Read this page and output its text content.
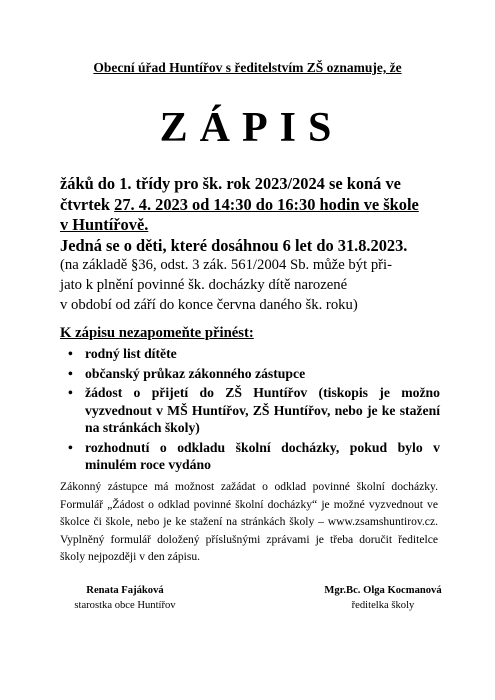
Obecní úřad Huntířov s ředitelstvím ZŠ oznamuje, že
ZÁPIS
žáků do 1. třídy pro šk. rok 2023/2024 se koná ve
čtvrtek 27. 4. 2023 od 14:30 do 16:30 hodin ve škole
v Huntířově.
Jedná se o děti, které dosáhnou 6 let do 31.8.2023.
(na základě §36, odst. 3 zák. 561/2004 Sb. může být při-
jato k plnění povinné šk. docházky dítě narozené
v období od září do konce června daného šk. roku)
K zápisu nezapomeňte přinést:
• rodný list dítěte
• občanský průkaz zákonného zástupce
• žádost o přijetí do ZŠ Huntířov (tiskopis je možno vyzvednout v MŠ Huntířov, ZŠ Huntířov, nebo je ke stažení na stránkách školy)
• rozhodnutí o odkladu školní docházky, pokud bylo v minulém roce vydáno
Zákonný zástupce má možnost zažádat o odklad povinné školní docházky. Formulář „Žádost o odklad povinné školní docházky“ je možné vyzvednout ve školce či škole, nebo je ke stažení na stránkách školy – www.zsamshuntirov.cz. Vyplněný formulář doložený příslušnými zprávami je třeba doručit ředitelce školy nejpozději v den zápisu.
Renata Fajáková
starostka obce Huntířov
Mgr.Bc. Olga Kocmanová
ředitelka školy
